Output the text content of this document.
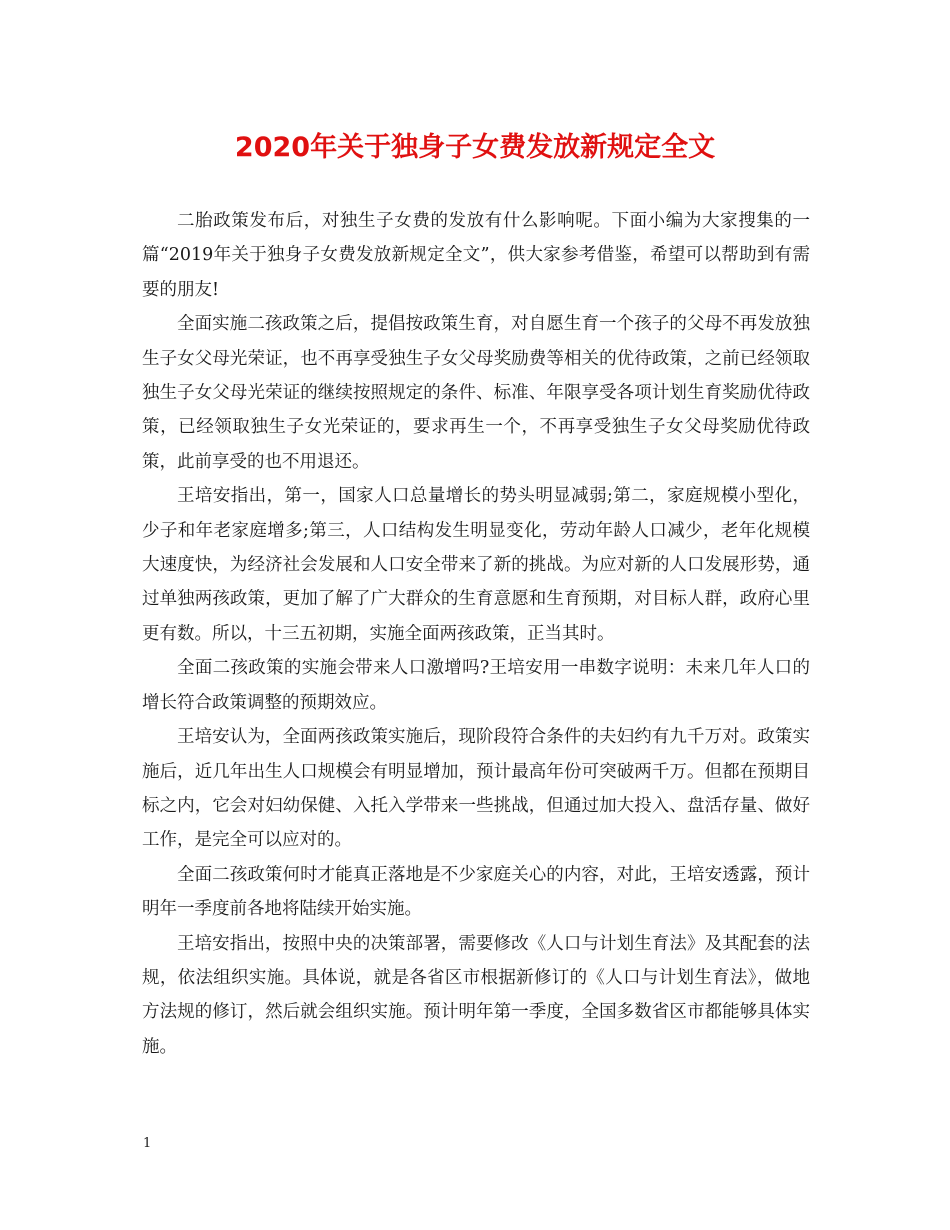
2020年关于独身子女费发放新规定全文

二胎政策发布后，对独生子女费的发放有什么影响呢。下面小编为大家搜集的一篇“2019年关于独身子女费发放新规定全文”，供大家参考借鉴，希望可以帮助到有需要的朋友!

全面实施二孩政策之后，提倡按政策生育，对自愿生育一个孩子的父母不再发放独生子女父母光荣证，也不再享受独生子女父母奖励费等相关的优待政策，之前已经领取独生子女父母光荣证的继续按照规定的条件、标准、年限享受各项计划生育奖励优待政策，已经领取独生子女光荣证的，要求再生一个，不再享受独生子女父母奖励优待政策，此前享受的也不用退还。

王培安指出，第一，国家人口总量增长的势头明显减弱;第二，家庭规模小型化，少子和年老家庭增多;第三，人口结构发生明显变化，劳动年龄人口减少，老年化规模大速度快，为经济社会发展和人口安全带来了新的挑战。为应对新的人口发展形势，通过单独两孩政策，更加了解了广大群众的生育意愿和生育预期，对目标人群，政府心里更有数。所以，十三五初期，实施全面两孩政策，正当其时。

全面二孩政策的实施会带来人口激增吗?王培安用一串数字说明：未来几年人口的增长符合政策调整的预期效应。

王培安认为，全面两孩政策实施后，现阶段符合条件的夫妇约有九千万对。政策实施后，近几年出生人口规模会有明显增加，预计最高年份可突破两千万。但都在预期目标之内，它会对妇幼保健、入托入学带来一些挑战，但通过加大投入、盘活存量、做好工作，是完全可以应对的。

全面二孩政策何时才能真正落地是不少家庭关心的内容，对此，王培安透露，预计明年一季度前各地将陆续开始实施。

王培安指出，按照中央的决策部署，需要修改《人口与计划生育法》及其配套的法规，依法组织实施。具体说，就是各省区市根据新修订的《人口与计划生育法》，做地方法规的修订，然后就会组织实施。预计明年第一季度，全国多数省区市都能够具体实施。

1
